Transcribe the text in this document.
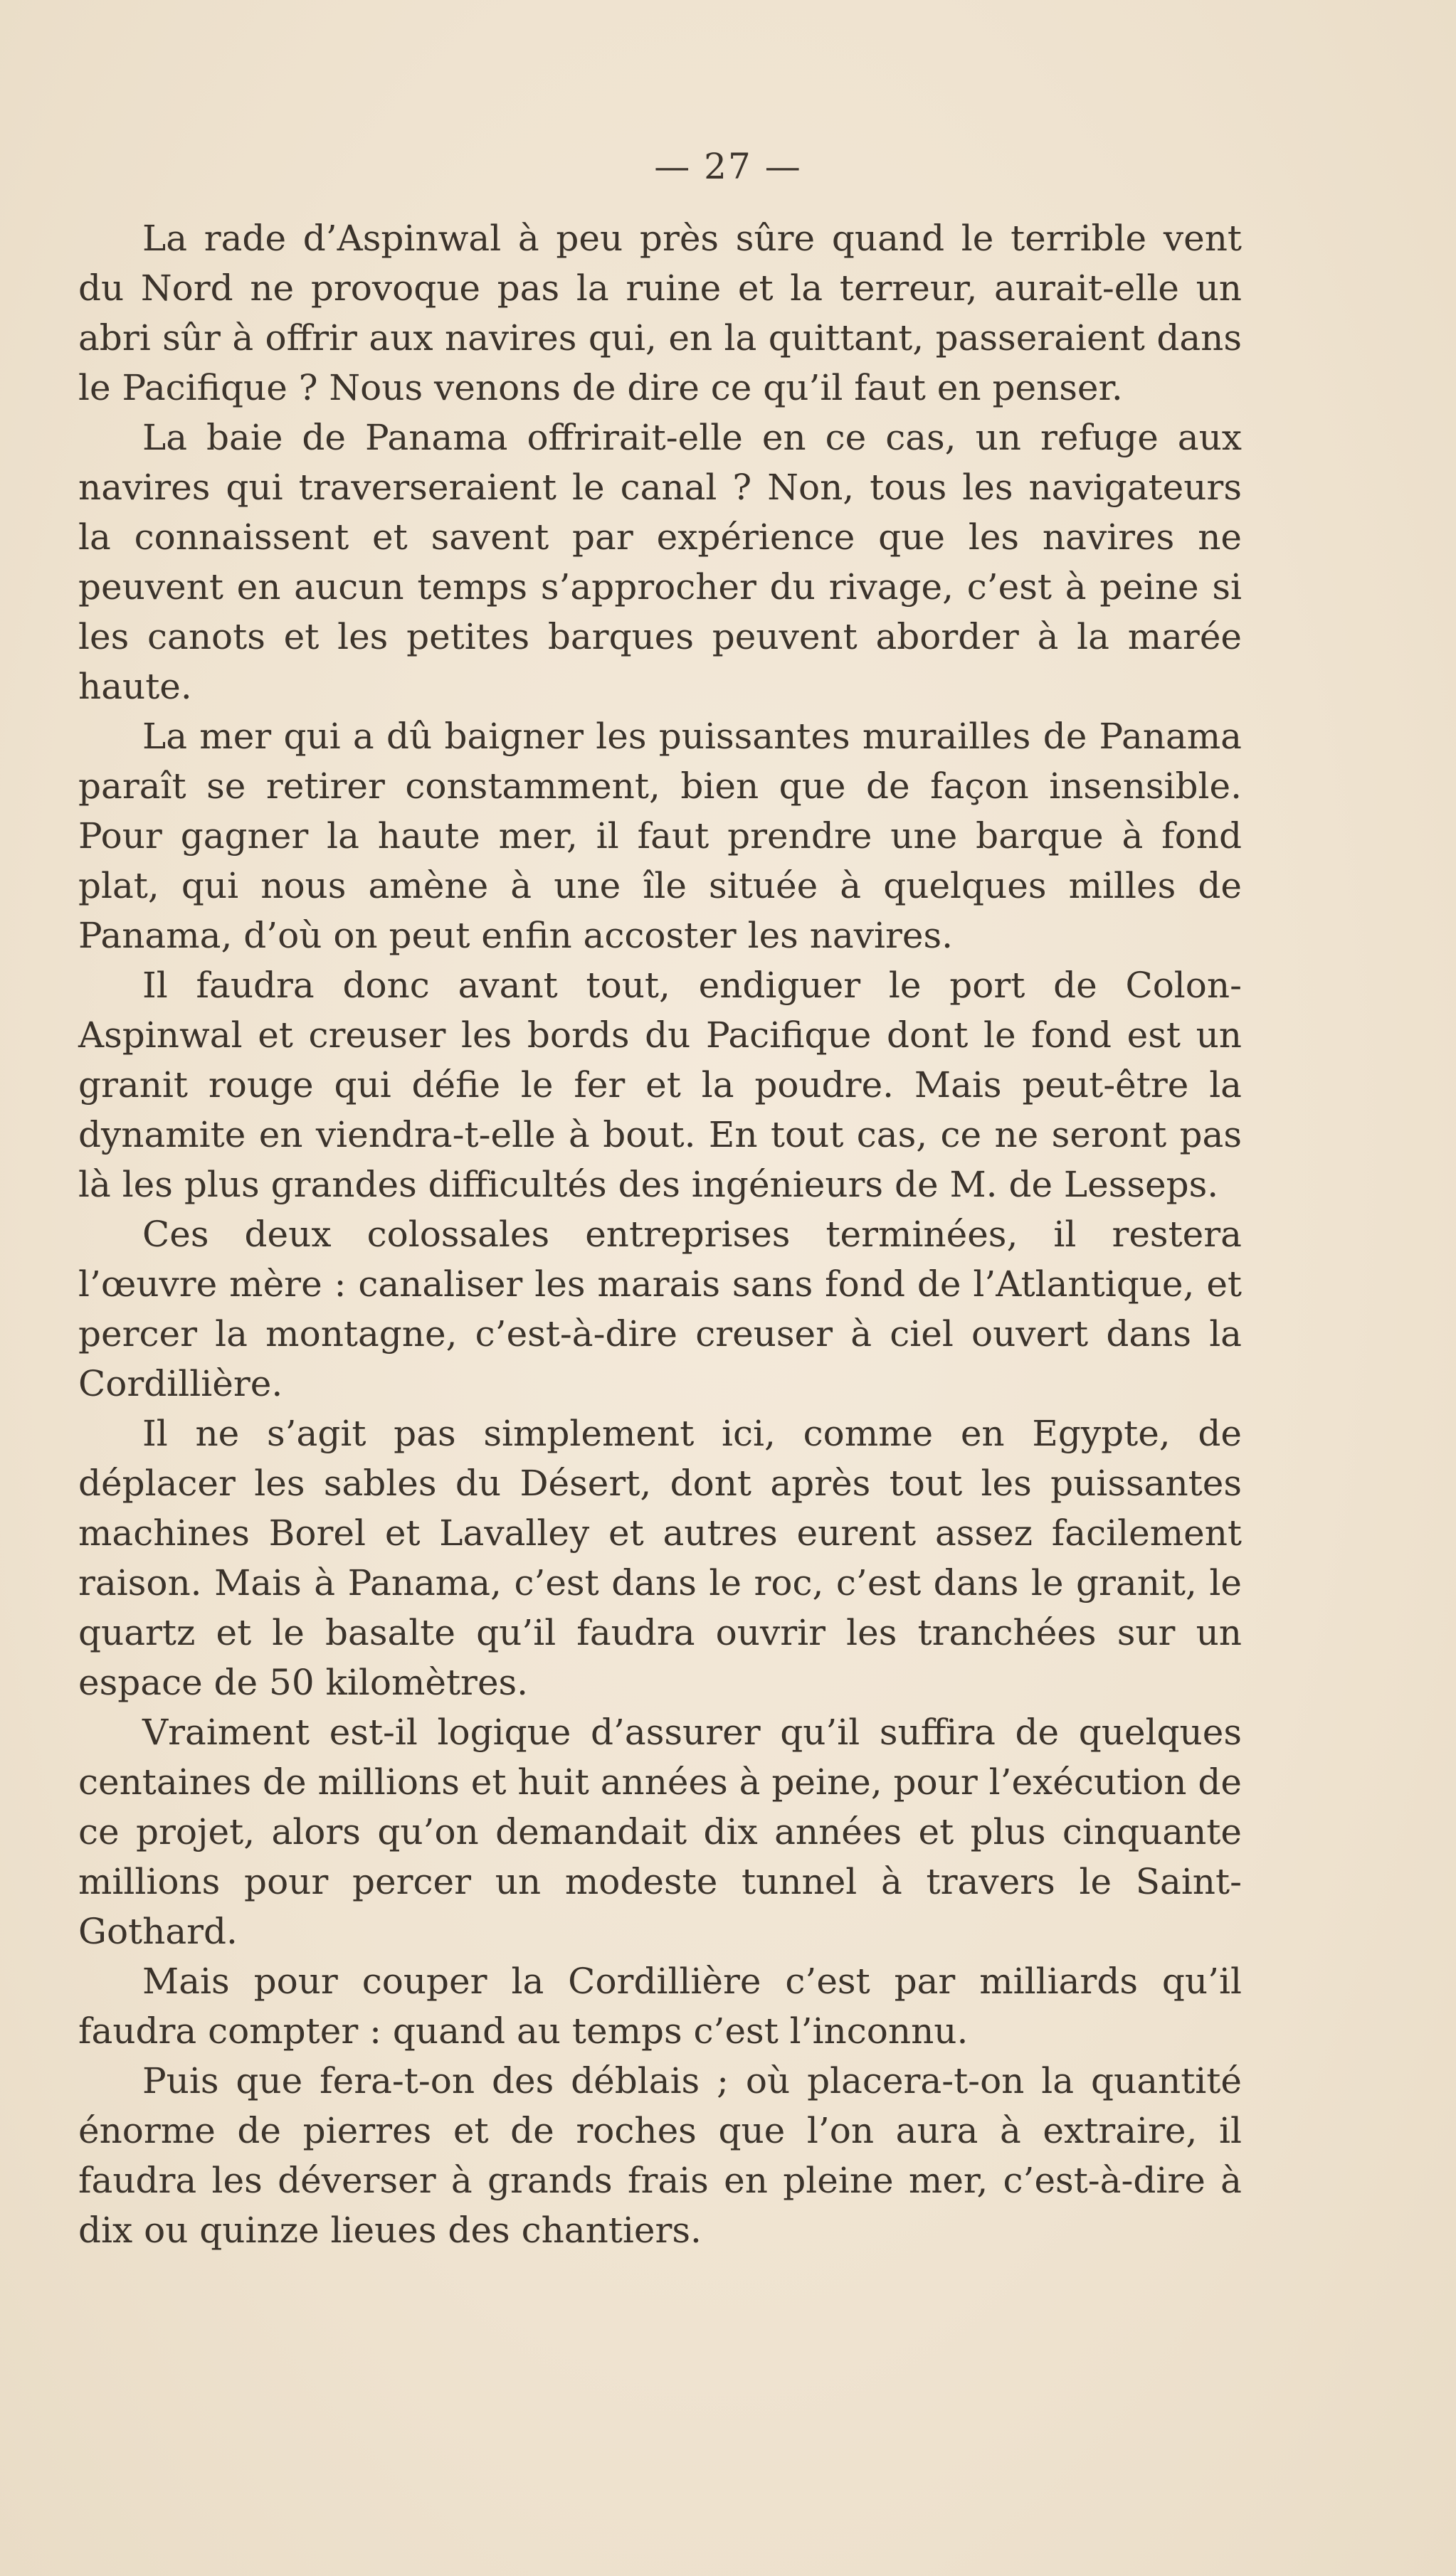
— 27 —

La rade d’Aspinwal à peu près sûre quand le terrible vent du Nord ne provoque pas la ruine et la terreur, aurait-elle un abri sûr à offrir aux navires qui, en la quittant, passeraient dans le Pacifique ? Nous venons de dire ce qu’il faut en penser.

La baie de Panama offrirait-elle en ce cas, un refuge aux navires qui traverseraient le canal ? Non, tous les navigateurs la connaissent et savent par expérience que les navires ne peuvent en aucun temps s’approcher du rivage, c’est à peine si les canots et les petites barques peuvent aborder à la marée haute.

La mer qui a dû baigner les puissantes murailles de Panama paraît se retirer constamment, bien que de façon insensible. Pour gagner la haute mer, il faut prendre une barque à fond plat, qui nous amène à une île située à quelques milles de Panama, d’où on peut enfin accoster les navires.

Il faudra donc avant tout, endiguer le port de Colon-Aspinwal et creuser les bords du Pacifique dont le fond est un granit rouge qui défie le fer et la poudre. Mais peut-être la dynamite en viendra-t-elle à bout. En tout cas, ce ne seront pas là les plus grandes difficultés des ingénieurs de M. de Lesseps.

Ces deux colossales entreprises terminées, il restera l’œuvre mère : canaliser les marais sans fond de l’Atlantique, et percer la montagne, c’est-à-dire creuser à ciel ouvert dans la Cordillière.

Il ne s’agit pas simplement ici, comme en Egypte, de déplacer les sables du Désert, dont après tout les puissantes machines Borel et Lavalley et autres eurent assez facilement raison. Mais à Panama, c’est dans le roc, c’est dans le granit, le quartz et le basalte qu’il faudra ouvrir les tranchées sur un espace de 50 kilomètres.

Vraiment est-il logique d’assurer qu’il suffira de quelques centaines de millions et huit années à peine, pour l’exécution de ce projet, alors qu’on demandait dix années et plus cinquante millions pour percer un modeste tunnel à travers le Saint-Gothard.

Mais pour couper la Cordillière c’est par milliards qu’il faudra compter : quand au temps c’est l’inconnu.

Puis que fera-t-on des déblais ; où placera-t-on la quantité énorme de pierres et de roches que l’on aura à extraire, il faudra les déverser à grands frais en pleine mer, c’est-à-dire à dix ou quinze lieues des chantiers.
